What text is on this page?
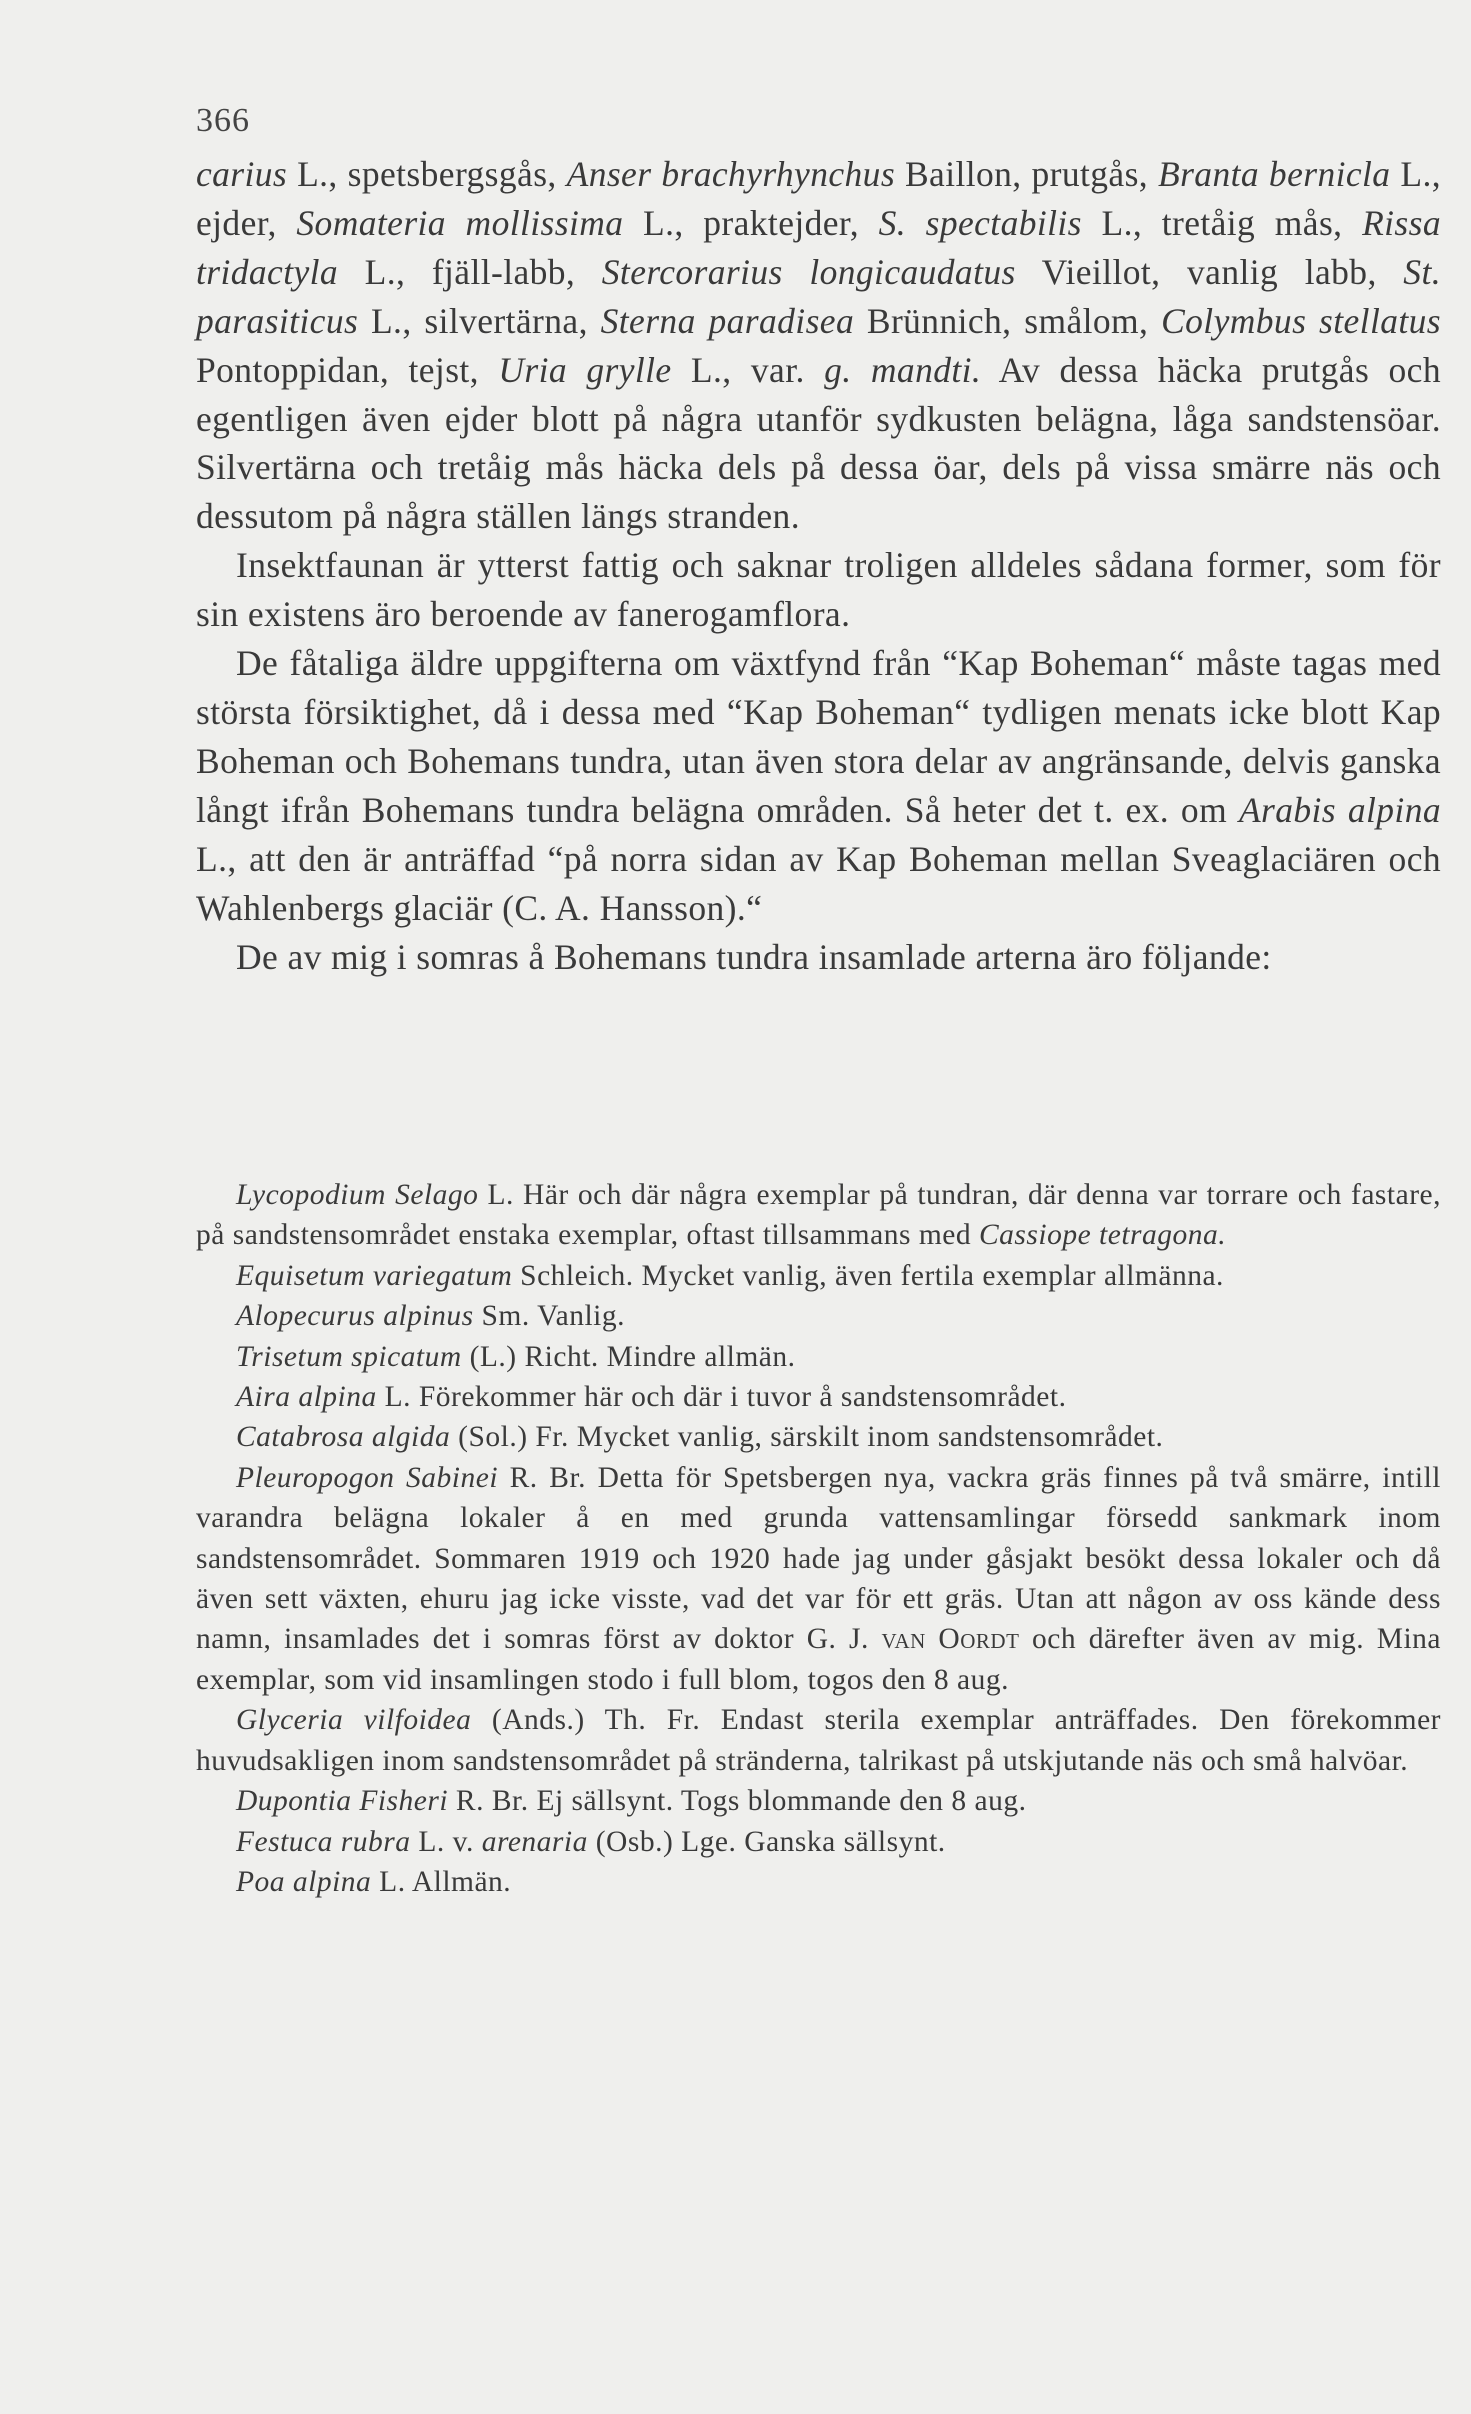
366

carius L., spetsbergsgås, Anser brachyrhynchus Baillon, prutgås, Branta bernicla L., ejder, Somateria mollissima L., praktejder, S. spectabilis L., tretåig mås, Rissa tridactyla L., fjäll-labb, Stercorarius longicaudatus Vieillot, vanlig labb, St. parasiticus L., silvertärna, Sterna paradisea Brünnich, smålom, Colymbus stellatus Pontoppidan, tejst, Uria grylle L., var. g. mandti. Av dessa häcka prutgås och egentligen även ejder blott på några utanför sydkusten belägna, låga sandstensöar. Silvertärna och tretåig mås häcka dels på dessa öar, dels på vissa smärre näs och dessutom på några ställen längs stranden.

Insektfaunan är ytterst fattig och saknar troligen alldeles sådana former, som för sin existens äro beroende av fanerogamflora.

De fåtaliga äldre uppgifterna om växtfynd från “Kap Boheman“ måste tagas med största försiktighet, då i dessa med “Kap Boheman“ tydligen menats icke blott Kap Boheman och Bohemans tundra, utan även stora delar av angränsande, delvis ganska långt ifrån Bohemans tundra belägna områden. Så heter det t. ex. om Arabis alpina L., att den är anträffad “på norra sidan av Kap Boheman mellan Sveaglaciären och Wahlenbergs glaciär (C. A. Hansson).“

De av mig i somras å Bohemans tundra insamlade arterna äro följande:

Lycopodium Selago L. Här och där några exemplar på tundran, där denna var torrare och fastare, på sandstensområdet enstaka exemplar, oftast tillsammans med Cassiope tetragona.

Equisetum variegatum Schleich. Mycket vanlig, även fertila exemplar allmänna.

Alopecurus alpinus Sm. Vanlig.

Trisetum spicatum (L.) Richt. Mindre allmän.

Aira alpina L. Förekommer här och där i tuvor å sandstensområdet.

Catabrosa algida (Sol.) Fr. Mycket vanlig, särskilt inom sandstensområdet.

Pleuropogon Sabinei R. Br. Detta för Spetsbergen nya, vackra gräs finnes på två smärre, intill varandra belägna lokaler å en med grunda vattensamlingar försedd sankmark inom sandstensområdet. Sommaren 1919 och 1920 hade jag under gåsjakt besökt dessa lokaler och då även sett växten, ehuru jag icke visste, vad det var för ett gräs. Utan att någon av oss kände dess namn, insamlades det i somras först av doktor G. J. van Oordt och därefter även av mig. Mina exemplar, som vid insamlingen stodo i full blom, togos den 8 aug.

Glyceria vilfoidea (Ands.) Th. Fr. Endast sterila exemplar anträffades. Den förekommer huvudsakligen inom sandstensområdet på stränderna, talrikast på utskjutande näs och små halvöar.

Dupontia Fisheri R. Br. Ej sällsynt. Togs blommande den 8 aug.

Festuca rubra L. v. arenaria (Osb.) Lge. Ganska sällsynt.

Poa alpina L. Allmän.
